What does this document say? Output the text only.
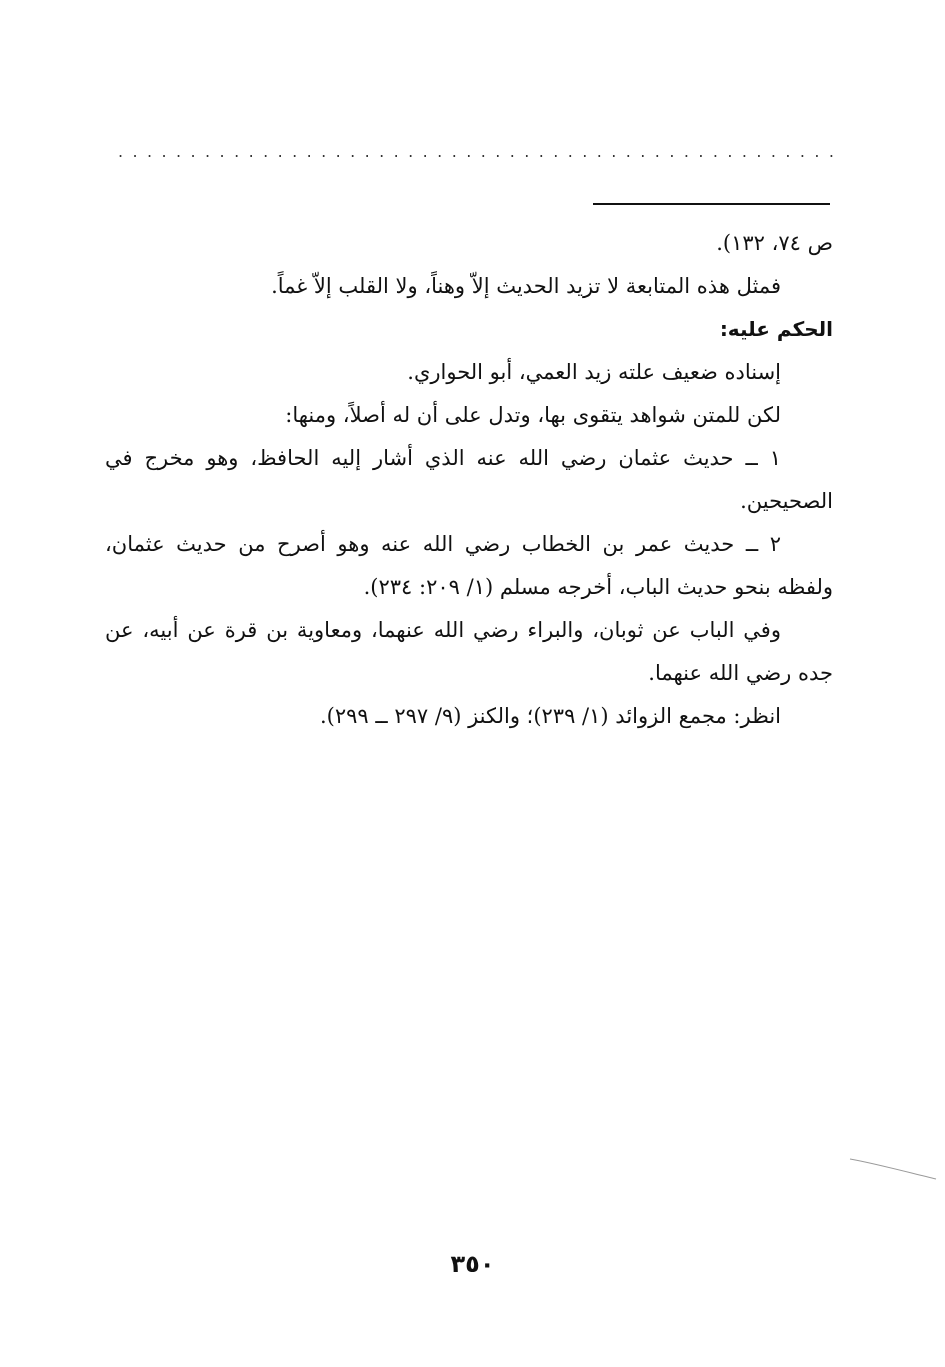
. . . . . . . . . . . . . . . . . . . . . . . . . . . . . . . . . . . . . . . . . . . . . . . . . .
ص ٧٤، ١٣٢).
فمثل هذه المتابعة لا تزيد الحديث إلاّ وهناً، ولا القلب إلاّ غماً.
الحكم عليه:
إسناده ضعيف علته زيد العمي، أبو الحواري.
لكن للمتن شواهد يتقوى بها، وتدل على أن له أصلاً، ومنها:
١ ــ حديث عثمان رضي الله عنه الذي أشار إليه الحافظ، وهو مخرج في
الصحيحين.
٢ ــ حديث عمر بن الخطاب رضي الله عنه وهو أصرح من حديث عثمان،
ولفظه بنحو حديث الباب، أخرجه مسلم (١/ ٢٠٩: ٢٣٤).
وفي الباب عن ثوبان، والبراء رضي الله عنهما، ومعاوية بن قرة عن أبيه، عن
جده رضي الله عنهما.
انظر: مجمع الزوائد (١/ ٢٣٩)؛ والكنز (٩/ ٢٩٧ ــ ٢٩٩).
٣٥٠
